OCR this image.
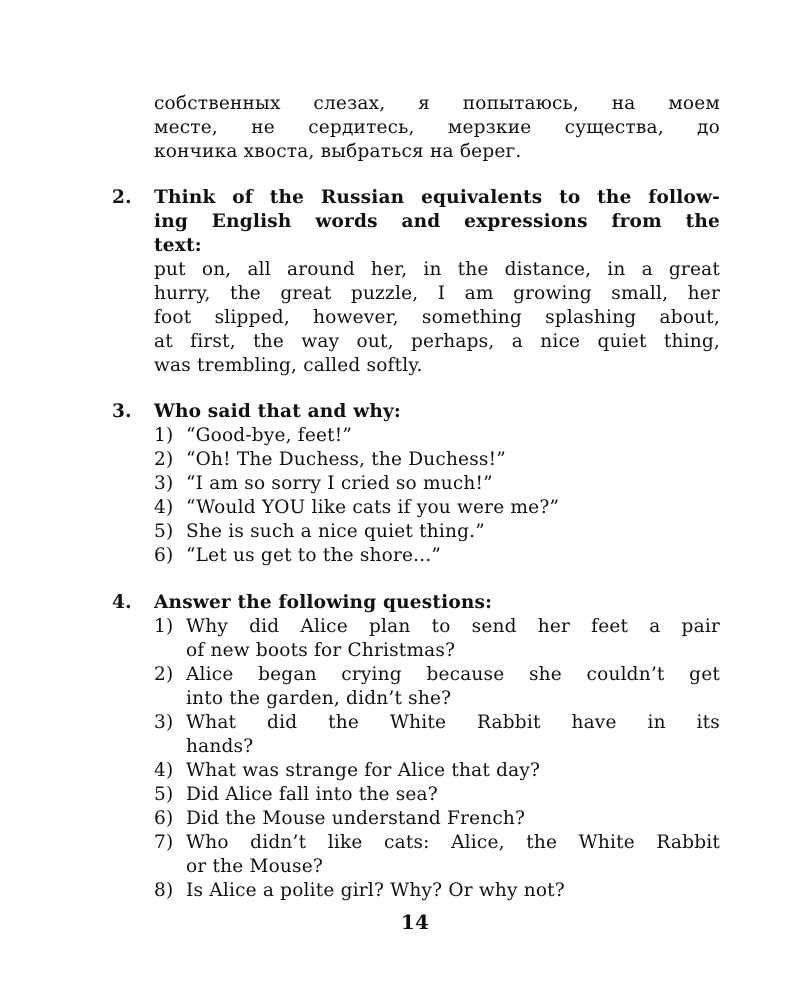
собственных слезах, я попытаюсь, на моем
месте, не сердитесь, мерзкие существа, до
кончика хвоста, выбраться на берег.
2. Think of the Russian equivalents to the follow-
ing English words and expressions from the
text:
put on, all around her, in the distance, in a great
hurry, the great puzzle, I am growing small, her
foot slipped, however, something splashing about,
at first, the way out, perhaps, a nice quiet thing,
was trembling, called softly.
3. Who said that and why:
1) “Good-bye, feet!”
2) “Oh! The Duchess, the Duchess!”
3) “I am so sorry I cried so much!”
4) “Would YOU like cats if you were me?”
5) She is such a nice quiet thing.”
6) “Let us get to the shore...”
4. Answer the following questions:
1) Why did Alice plan to send her feet a pair
of new boots for Christmas?
2) Alice began crying because she couldn’t get
into the garden, didn’t she?
3) What did the White Rabbit have in its
hands?
4) What was strange for Alice that day?
5) Did Alice fall into the sea?
6) Did the Mouse understand French?
7) Who didn’t like cats: Alice, the White Rabbit
or the Mouse?
8) Is Alice a polite girl? Why? Or why not?
14
